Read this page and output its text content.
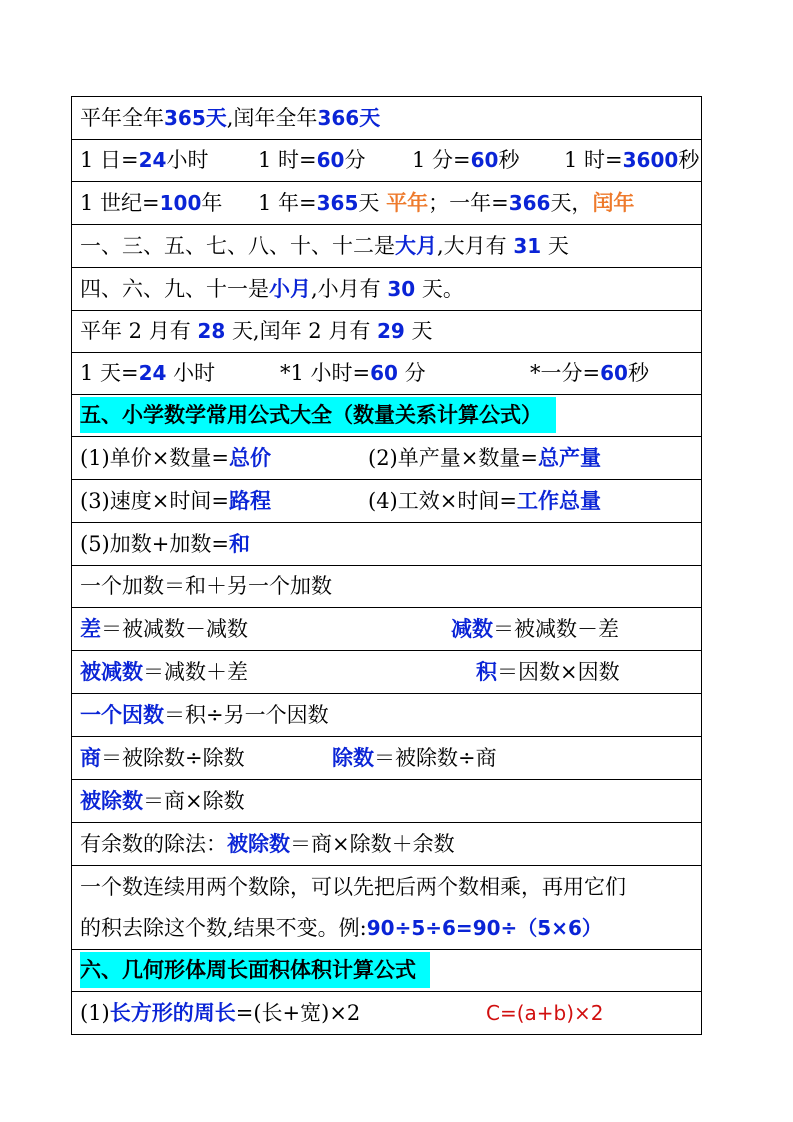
平年全年365天,闰年全年366天
1 日=24小时 1 时=60分 1 分=60秒 1 时=3600秒
1 世纪=100年 1 年=365天 平年；一年=366天，闰年
一、三、五、七、八、十、十二是大月,大月有 31 天
四、六、九、十一是小月,小月有 30 天。
平年 2 月有 28 天,闰年 2 月有 29 天
1 天=24 小时	*1 小时=60 分	*一分=60秒
五、小学数学常用公式大全（数量关系计算公式）
(1)单价×数量=总价	(2)单产量×数量=总产量
(3)速度×时间=路程	(4)工效×时间=工作总量
(5)加数+加数=和
一个加数＝和＋另一个加数
差＝被减数－减数	减数＝被减数－差
被减数＝减数＋差	积＝因数×因数
一个因数＝积÷另一个因数
商＝被除数÷除数	除数＝被除数÷商
被除数＝商×除数
有余数的除法：被除数＝商×除数＋余数

一个数连续用两个数除，可以先把后两个数相乘，再用它们
的积去除这个数,结果不变。例:90÷5÷6=90÷（5×6）

六、几何形体周长面积体积计算公式
(1)长方形的周长=(长+宽)×2	C=(a+b)×2
